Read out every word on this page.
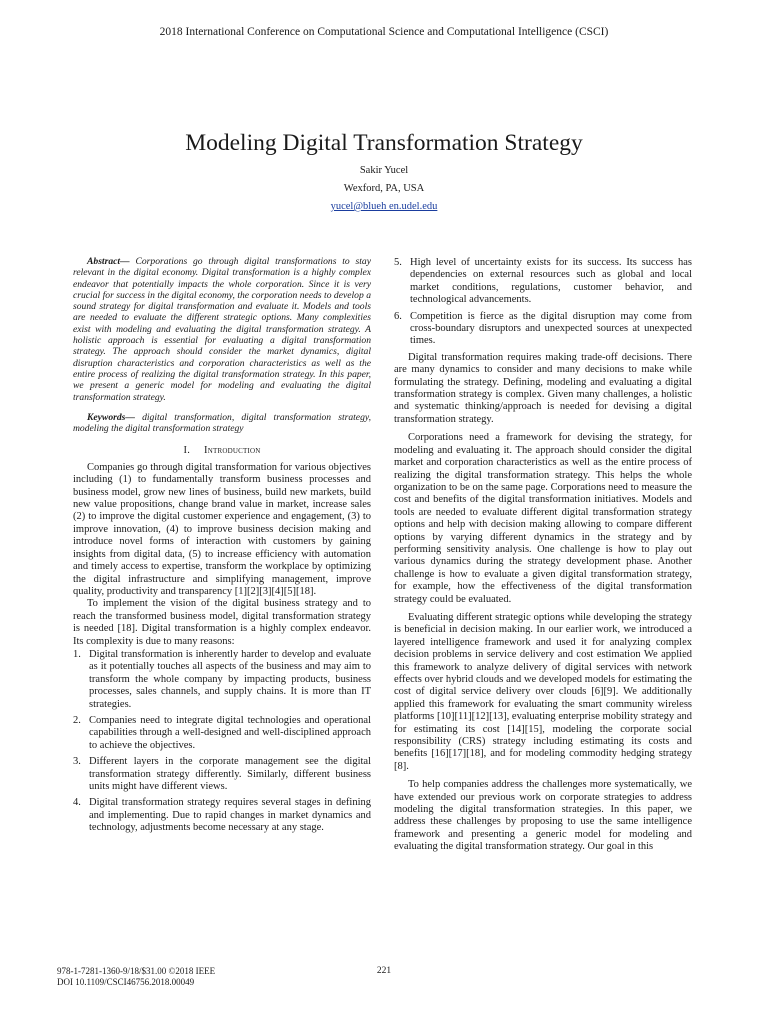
2018 International Conference on Computational Science and Computational Intelligence (CSCI)
Modeling Digital Transformation Strategy
Sakir Yucel
Wexford, PA, USA
yucel@blueh en.udel.edu

Abstract— Corporations go through digital transformations to stay relevant in the digital economy. Digital transformation is a highly complex endeavor that potentially impacts the whole corporation. Since it is very crucial for success in the digital economy, the corporation needs to develop a sound strategy for digital transformation and evaluate it. Models and tools are needed to evaluate the different strategic options. Many complexities exist with modeling and evaluating the digital transformation strategy. A holistic approach is essential for evaluating a digital transformation strategy. The approach should consider the market dynamics, digital disruption characteristics and corporation characteristics as well as the entire process of realizing the digital transformation strategy. In this paper, we present a generic model for modeling and evaluating the digital transformation strategy.

Keywords— digital transformation, digital transformation strategy, modeling the digital transformation strategy

I. Introduction

Companies go through digital transformation for various objectives including (1) to fundamentally transform business processes and business model, grow new lines of business, build new markets, build new value propositions, change brand value in market, increase sales (2) to improve the digital customer experience and engagement, (3) to improve innovation, (4) to improve business decision making and introduce novel forms of interaction with customers by gaining insights from digital data, (5) to increase efficiency with automation and timely access to expertise, transform the workplace by optimizing the digital infrastructure and simplifying management, improve quality, productivity and transparency [1][2][3][4][5][18].

To implement the vision of the digital business strategy and to reach the transformed business model, digital transformation strategy is needed [18]. Digital transformation is a highly complex endeavor. Its complexity is due to many reasons:

1. Digital transformation is inherently harder to develop and evaluate as it potentially touches all aspects of the business and may aim to transform the whole company by impacting products, business processes, sales channels, and supply chains. It is more than IT strategies.
2. Companies need to integrate digital technologies and operational capabilities through a well-designed and well-disciplined approach to achieve the objectives.
3. Different layers in the corporate management see the digital transformation strategy differently. Similarly, different business units might have different views.
4. Digital transformation strategy requires several stages in defining and implementing. Due to rapid changes in market dynamics and technology, adjustments become necessary at any stage.
5. High level of uncertainty exists for its success. Its success has dependencies on external resources such as global and local market conditions, regulations, customer behavior, and technological advancements.
6. Competition is fierce as the digital disruption may come from cross-boundary disruptors and unexpected sources at unexpected times.

Digital transformation requires making trade-off decisions. There are many dynamics to consider and many decisions to make while formulating the strategy. Defining, modeling and evaluating a digital transformation strategy is complex. Given many challenges, a holistic and systematic thinking/approach is needed for devising a digital transformation strategy.

Corporations need a framework for devising the strategy, for modeling and evaluating it. The approach should consider the digital market and corporation characteristics as well as the entire process of realizing the digital transformation strategy. This helps the whole organization to be on the same page. Corporations need to measure the cost and benefits of the digital transformation initiatives. Models and tools are needed to evaluate different digital transformation strategy options and help with decision making allowing to compare different options by varying different dynamics in the strategy and by performing sensitivity analysis. One challenge is how to play out various dynamics during the strategy development phase. Another challenge is how to evaluate a given digital transformation strategy, for example, how the effectiveness of the digital transformation strategy could be evaluated.

Evaluating different strategic options while developing the strategy is beneficial in decision making. In our earlier work, we introduced a layered intelligence framework and used it for analyzing complex decision problems in service delivery and cost estimation We applied this framework to analyze delivery of digital services with network effects over hybrid clouds and we developed models for estimating the cost of digital service delivery over clouds [6][9]. We additionally applied this framework for evaluating the smart community wireless platforms [10][11][12][13], evaluating enterprise mobility strategy and for estimating its cost [14][15], modeling the corporate social responsibility (CRS) strategy including estimating its costs and benefits [16][17][18], and for modeling commodity hedging strategy [8].

To help companies address the challenges more systematically, we have extended our previous work on corporate strategies to address modeling the digital transformation strategies. In this paper, we address these challenges by proposing to use the same intelligence framework and presenting a generic model for modeling and evaluating the digital transformation strategy. Our goal in this

978-1-7281-1360-9/18/$31.00 ©2018 IEEE
DOI 10.1109/CSCI46756.2018.00049
221
